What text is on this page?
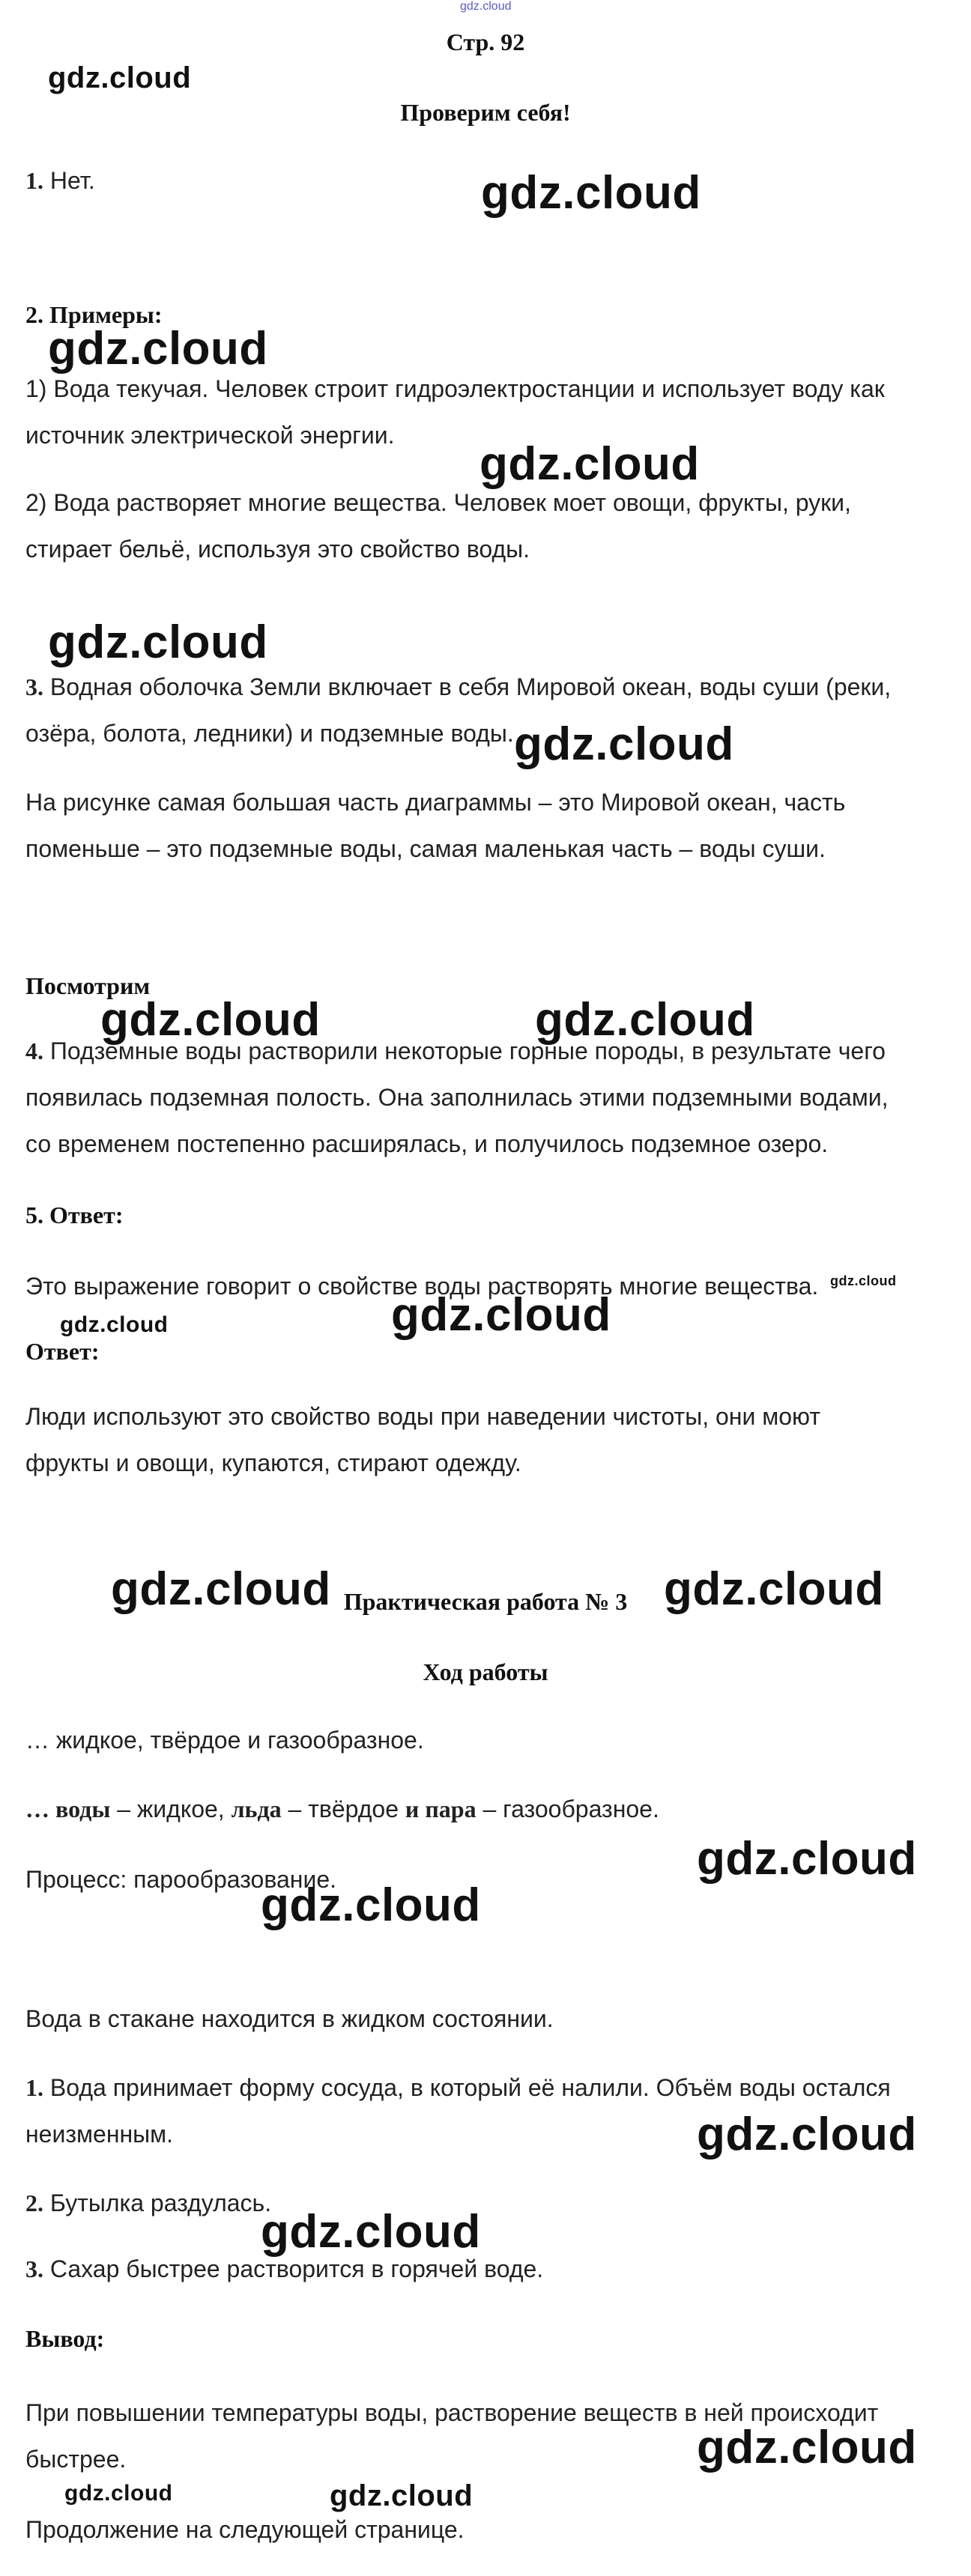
gdz.cloud
Стр. 92
Проверим себя!
1. Нет.
2. Примеры:
1) Вода текучая. Человек строит гидроэлектростанции и использует воду как
источник электрической энергии.
2) Вода растворяет многие вещества. Человек моет овощи, фрукты, руки,
стирает бельё, используя это свойство воды.
3. Водная оболочка Земли включает в себя Мировой океан, воды суши (реки,
озёра, болота, ледники) и подземные воды.
На рисунке самая большая часть диаграммы – это Мировой океан, часть
поменьше – это подземные воды, самая маленькая часть – воды суши.
Посмотрим
4. Подземные воды растворили некоторые горные породы, в результате чего
появилась подземная полость. Она заполнилась этими подземными водами,
со временем постепенно расширялась, и получилось подземное озеро.
5. Ответ:
Это выражение говорит о свойстве воды растворять многие вещества.
Ответ:
Люди используют это свойство воды при наведении чистоты, они моют
фрукты и овощи, купаются, стирают одежду.
Практическая работа № 3
Ход работы
… жидкое, твёрдое и газообразное.
… воды – жидкое, льда – твёрдое и пара – газообразное.
Процесс: парообразование.
Вода в стакане находится в жидком состоянии.
1. Вода принимает форму сосуда, в который её налили. Объём воды остался
неизменным.
2. Бутылка раздулась.
3. Сахар быстрее растворится в горячей воде.
Вывод:
При повышении температуры воды, растворение веществ в ней происходит
быстрее.
Продолжение на следующей странице.
gdz.cloud
gdz.cloud
gdz.cloud
gdz.cloud
gdz.cloud
gdz.cloud
gdz.cloud	gdz.cloud
gdz.cloud
gdz.cloud
gdz.cloud
gdz.cloud	gdz.cloud
gdz.cloud
gdz.cloud
gdz.cloud
gdz.cloud
gdz.cloud
gdz.cloud	gdz.cloud
